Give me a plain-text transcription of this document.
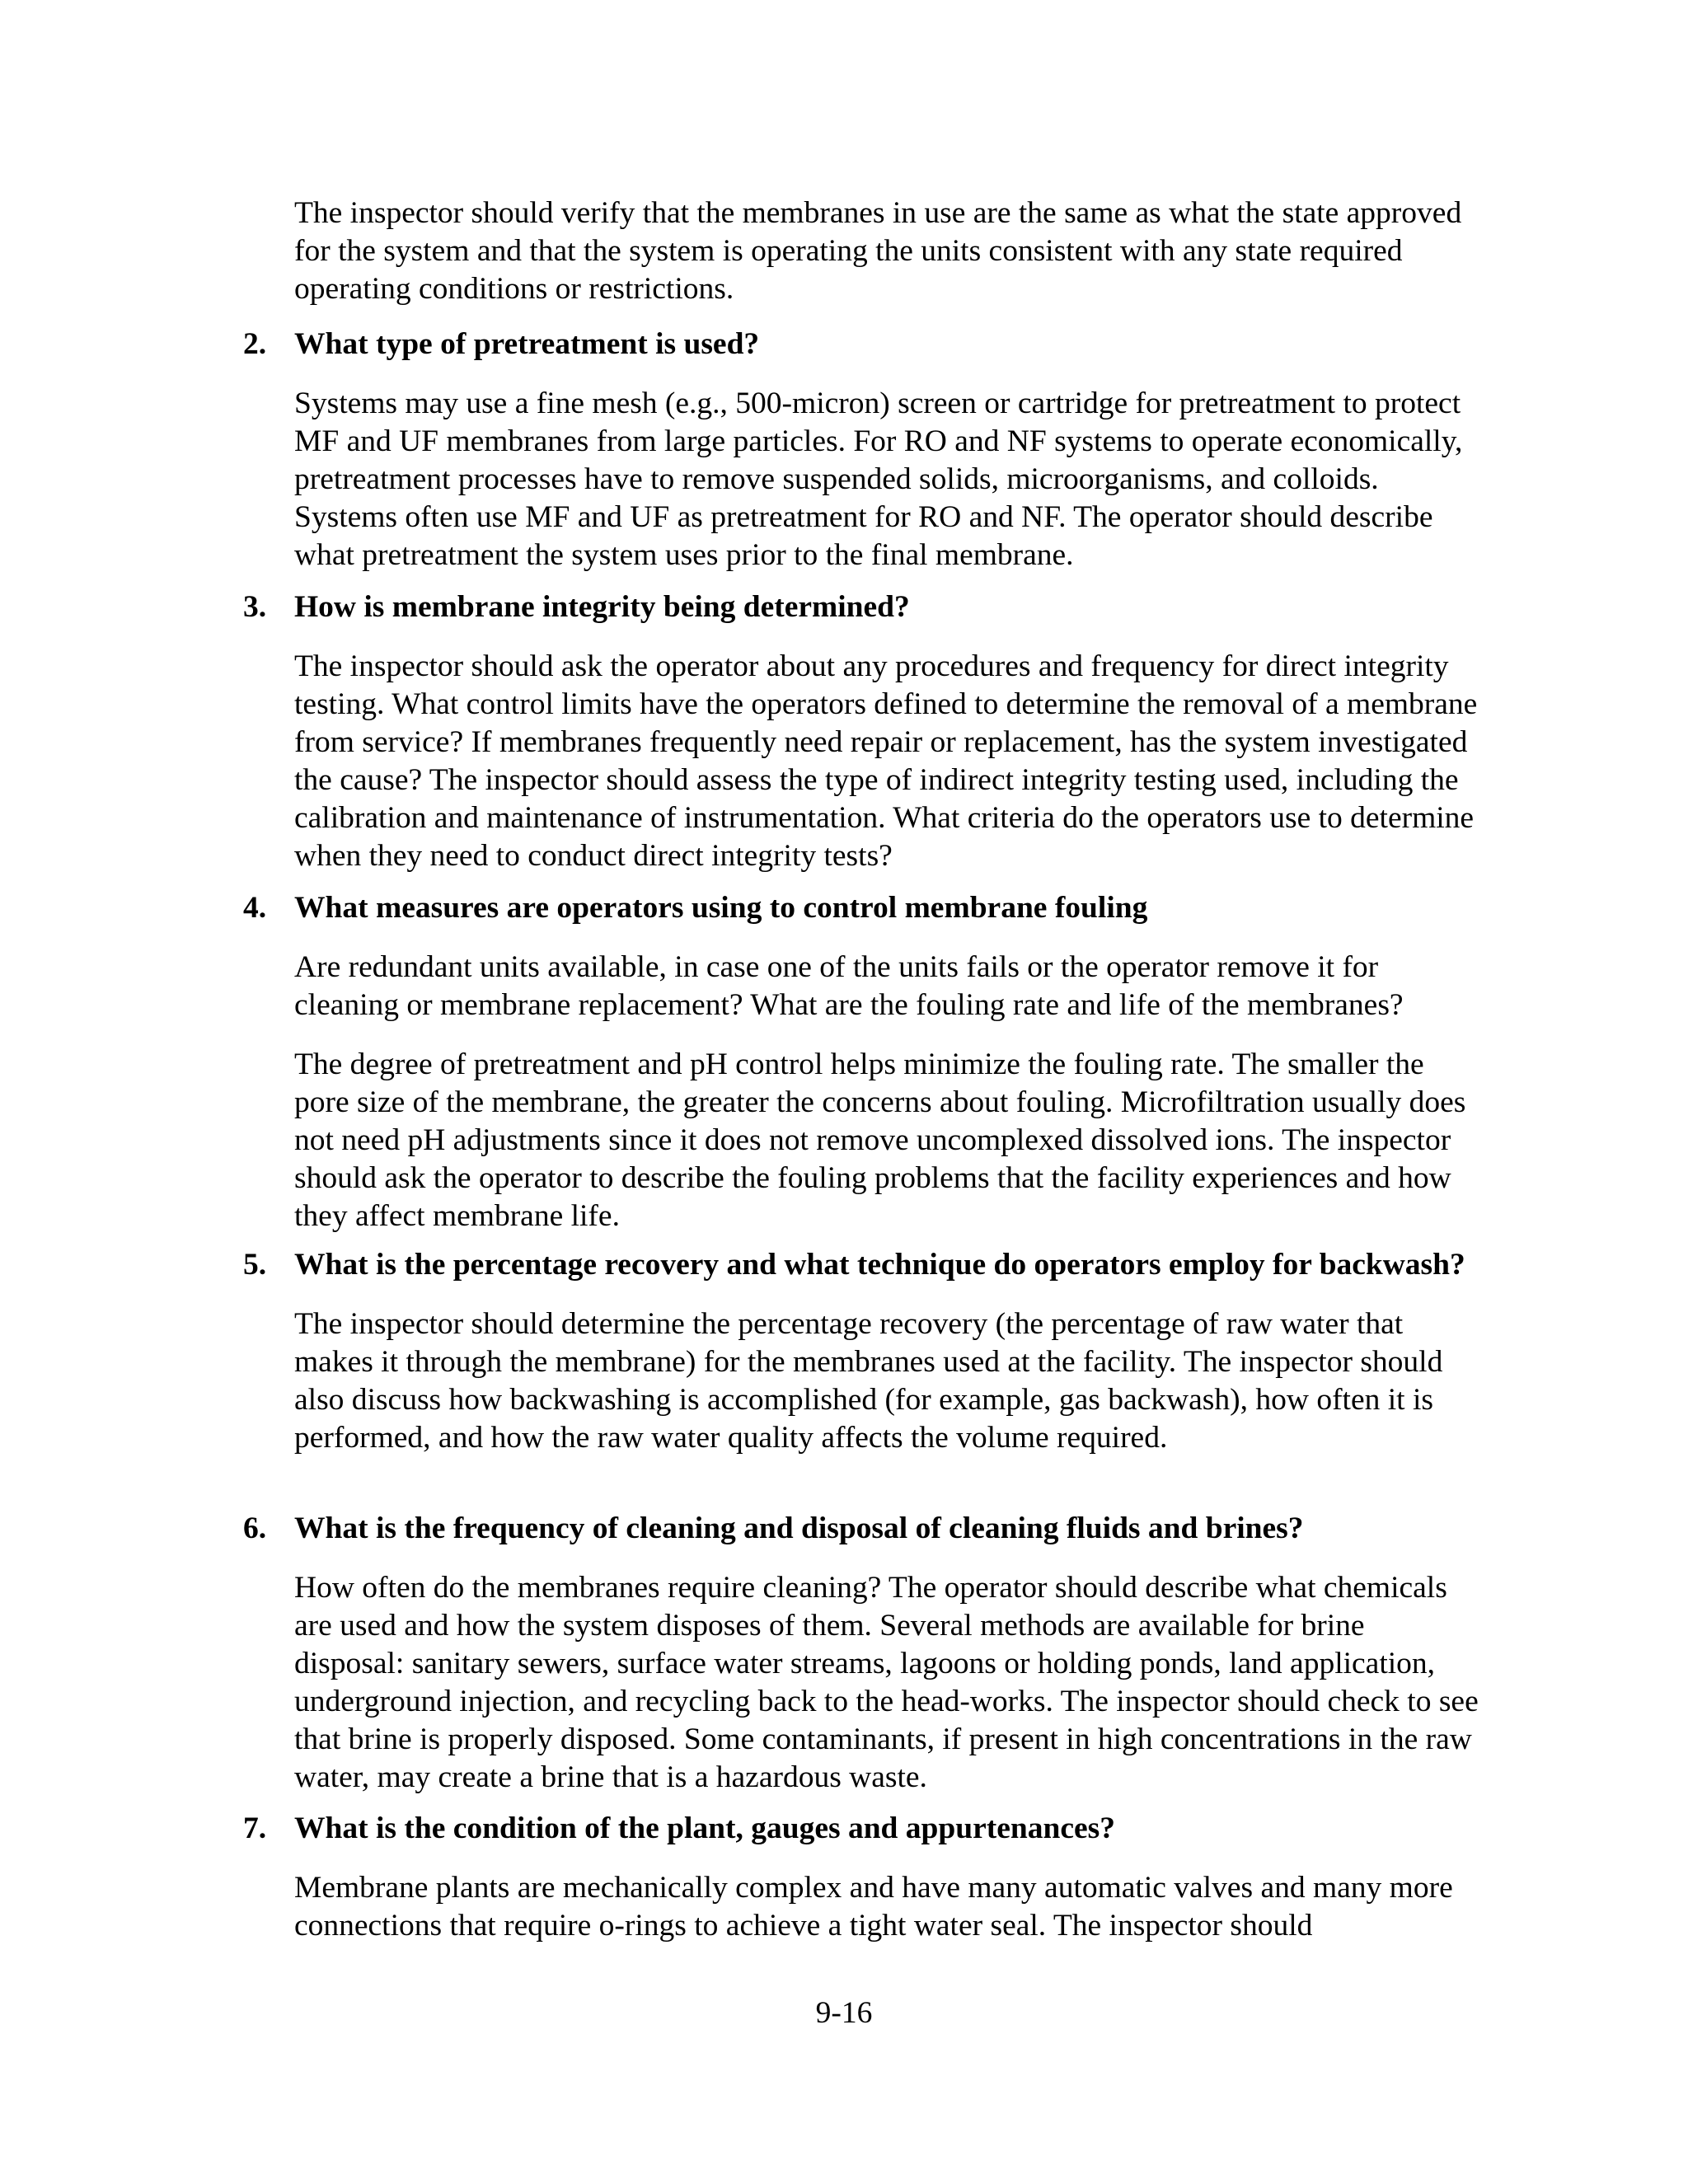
The inspector should verify that the membranes in use are the same as what the state approved for the system and that the system is operating the units consistent with any state required operating conditions or restrictions.

2. What type of pretreatment is used?

Systems may use a fine mesh (e.g., 500-micron) screen or cartridge for pretreatment to protect MF and UF membranes from large particles. For RO and NF systems to operate economically, pretreatment processes have to remove suspended solids, microorganisms, and colloids. Systems often use MF and UF as pretreatment for RO and NF. The operator should describe what pretreatment the system uses prior to the final membrane.

3. How is membrane integrity being determined?

The inspector should ask the operator about any procedures and frequency for direct integrity testing. What control limits have the operators defined to determine the removal of a membrane from service? If membranes frequently need repair or replacement, has the system investigated the cause? The inspector should assess the type of indirect integrity testing used, including the calibration and maintenance of instrumentation. What criteria do the operators use to determine when they need to conduct direct integrity tests?

4. What measures are operators using to control membrane fouling

Are redundant units available, in case one of the units fails or the operator remove it for cleaning or membrane replacement? What are the fouling rate and life of the membranes?

The degree of pretreatment and pH control helps minimize the fouling rate. The smaller the pore size of the membrane, the greater the concerns about fouling. Microfiltration usually does not need pH adjustments since it does not remove uncomplexed dissolved ions. The inspector should ask the operator to describe the fouling problems that the facility experiences and how they affect membrane life.

5. What is the percentage recovery and what technique do operators employ for backwash?

The inspector should determine the percentage recovery (the percentage of raw water that makes it through the membrane) for the membranes used at the facility. The inspector should also discuss how backwashing is accomplished (for example, gas backwash), how often it is performed, and how the raw water quality affects the volume required.

6. What is the frequency of cleaning and disposal of cleaning fluids and brines?

How often do the membranes require cleaning? The operator should describe what chemicals are used and how the system disposes of them. Several methods are available for brine disposal: sanitary sewers, surface water streams, lagoons or holding ponds, land application, underground injection, and recycling back to the head-works. The inspector should check to see that brine is properly disposed. Some contaminants, if present in high concentrations in the raw water, may create a brine that is a hazardous waste.

7. What is the condition of the plant, gauges and appurtenances?

Membrane plants are mechanically complex and have many automatic valves and many more connections that require o-rings to achieve a tight water seal. The inspector should

9-16
